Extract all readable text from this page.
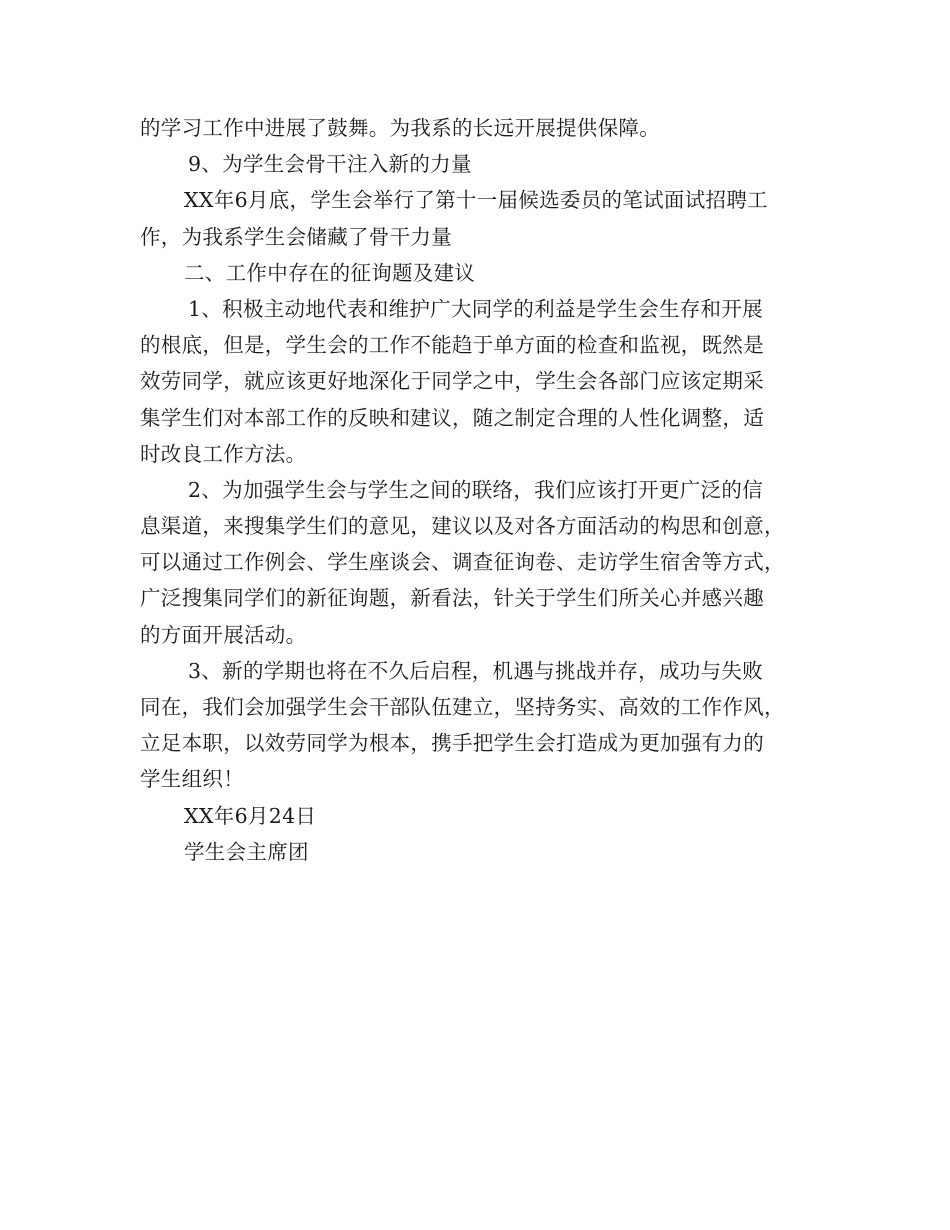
的学习工作中进展了鼓舞。为我系的长远开展提供保障。
9、为学生会骨干注入新的力量
XX年6月底，学生会举行了第十一届候选委员的笔试面试招聘工
作，为我系学生会储藏了骨干力量
二、工作中存在的征询题及建议
1、积极主动地代表和维护广大同学的利益是学生会生存和开展
的根底，但是，学生会的工作不能趋于单方面的检查和监视，既然是
效劳同学，就应该更好地深化于同学之中，学生会各部门应该定期采
集学生们对本部工作的反映和建议，随之制定合理的人性化调整，适
时改良工作方法。
2、为加强学生会与学生之间的联络，我们应该打开更广泛的信
息渠道，来搜集学生们的意见，建议以及对各方面活动的构思和创意，
可以通过工作例会、学生座谈会、调查征询卷、走访学生宿舍等方式，
广泛搜集同学们的新征询题，新看法，针关于学生们所关心并感兴趣
的方面开展活动。
3、新的学期也将在不久后启程，机遇与挑战并存，成功与失败
同在，我们会加强学生会干部队伍建立，坚持务实、高效的工作作风，
立足本职，以效劳同学为根本，携手把学生会打造成为更加强有力的
学生组织！
XX年6月24日
学生会主席团
